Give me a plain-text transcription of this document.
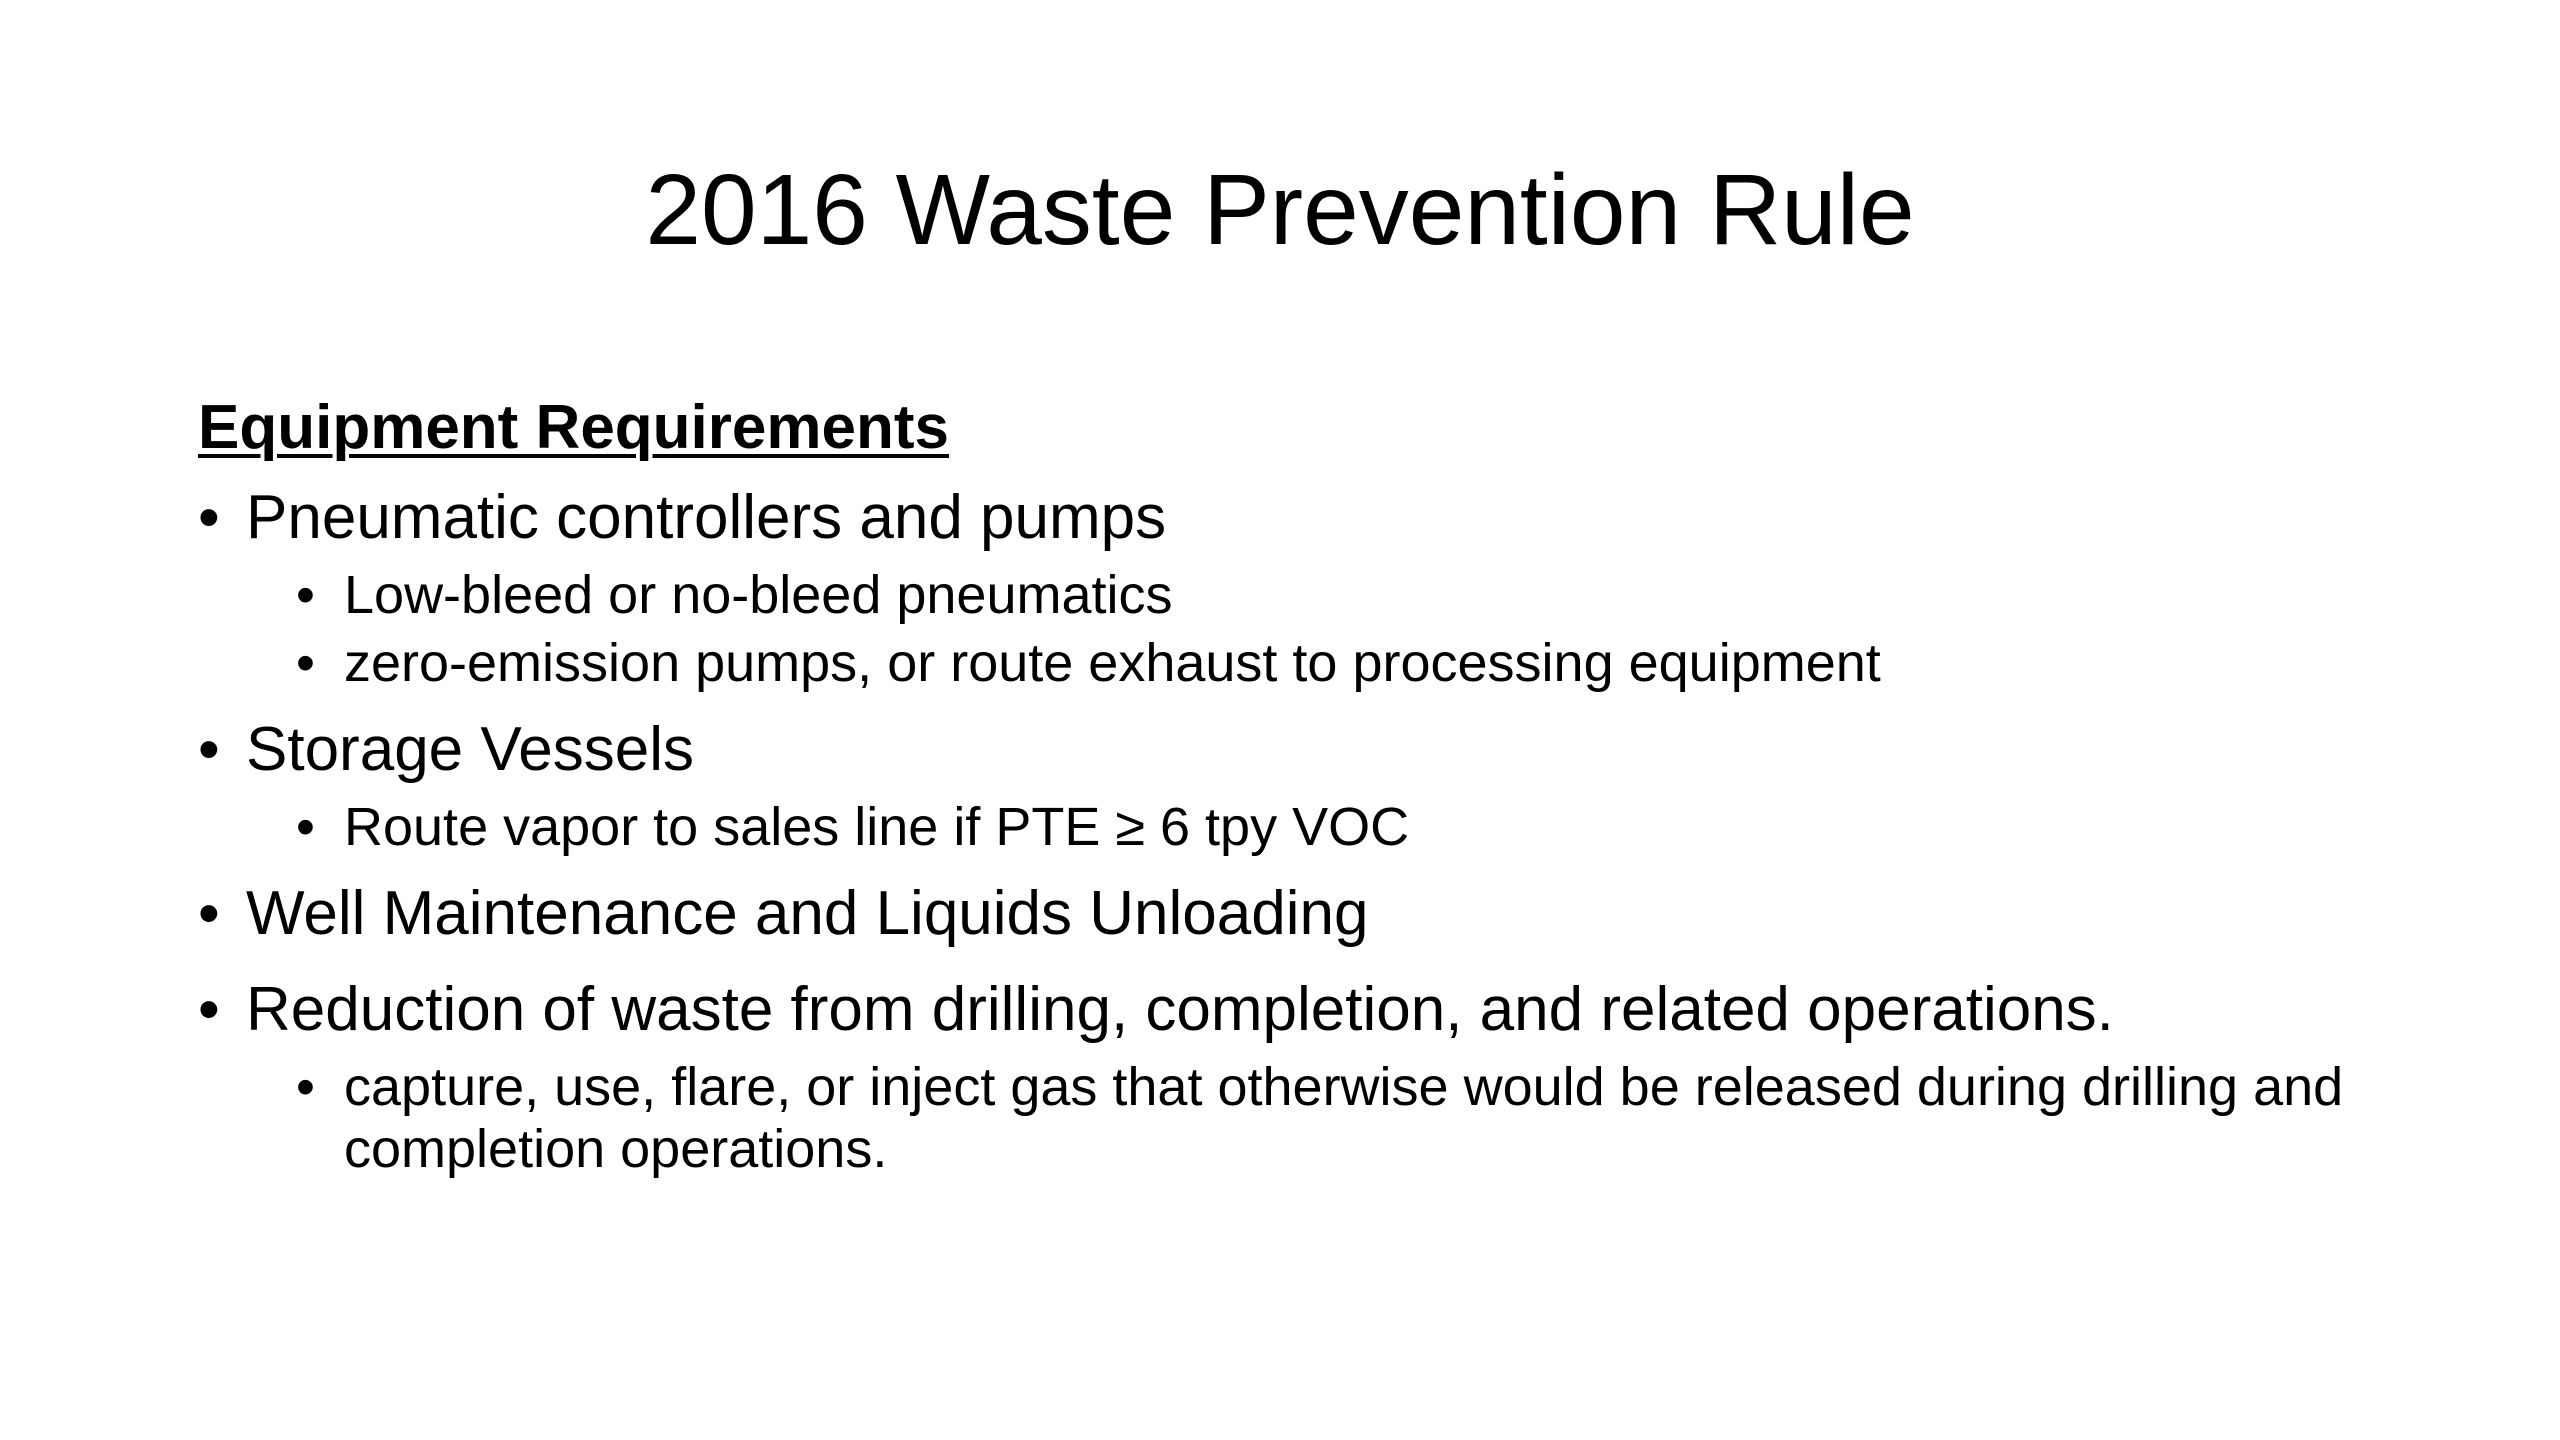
2016 Waste Prevention Rule
Equipment Requirements
• Pneumatic controllers and pumps
• Low-bleed or no-bleed pneumatics
• zero-emission pumps, or route exhaust to processing equipment
• Storage Vessels
• Route vapor to sales line if PTE ≥ 6 tpy VOC
• Well Maintenance and Liquids Unloading
• Reduction of waste from drilling, completion, and related operations.
• capture, use, flare, or inject gas that otherwise would be released during drilling and completion operations.
